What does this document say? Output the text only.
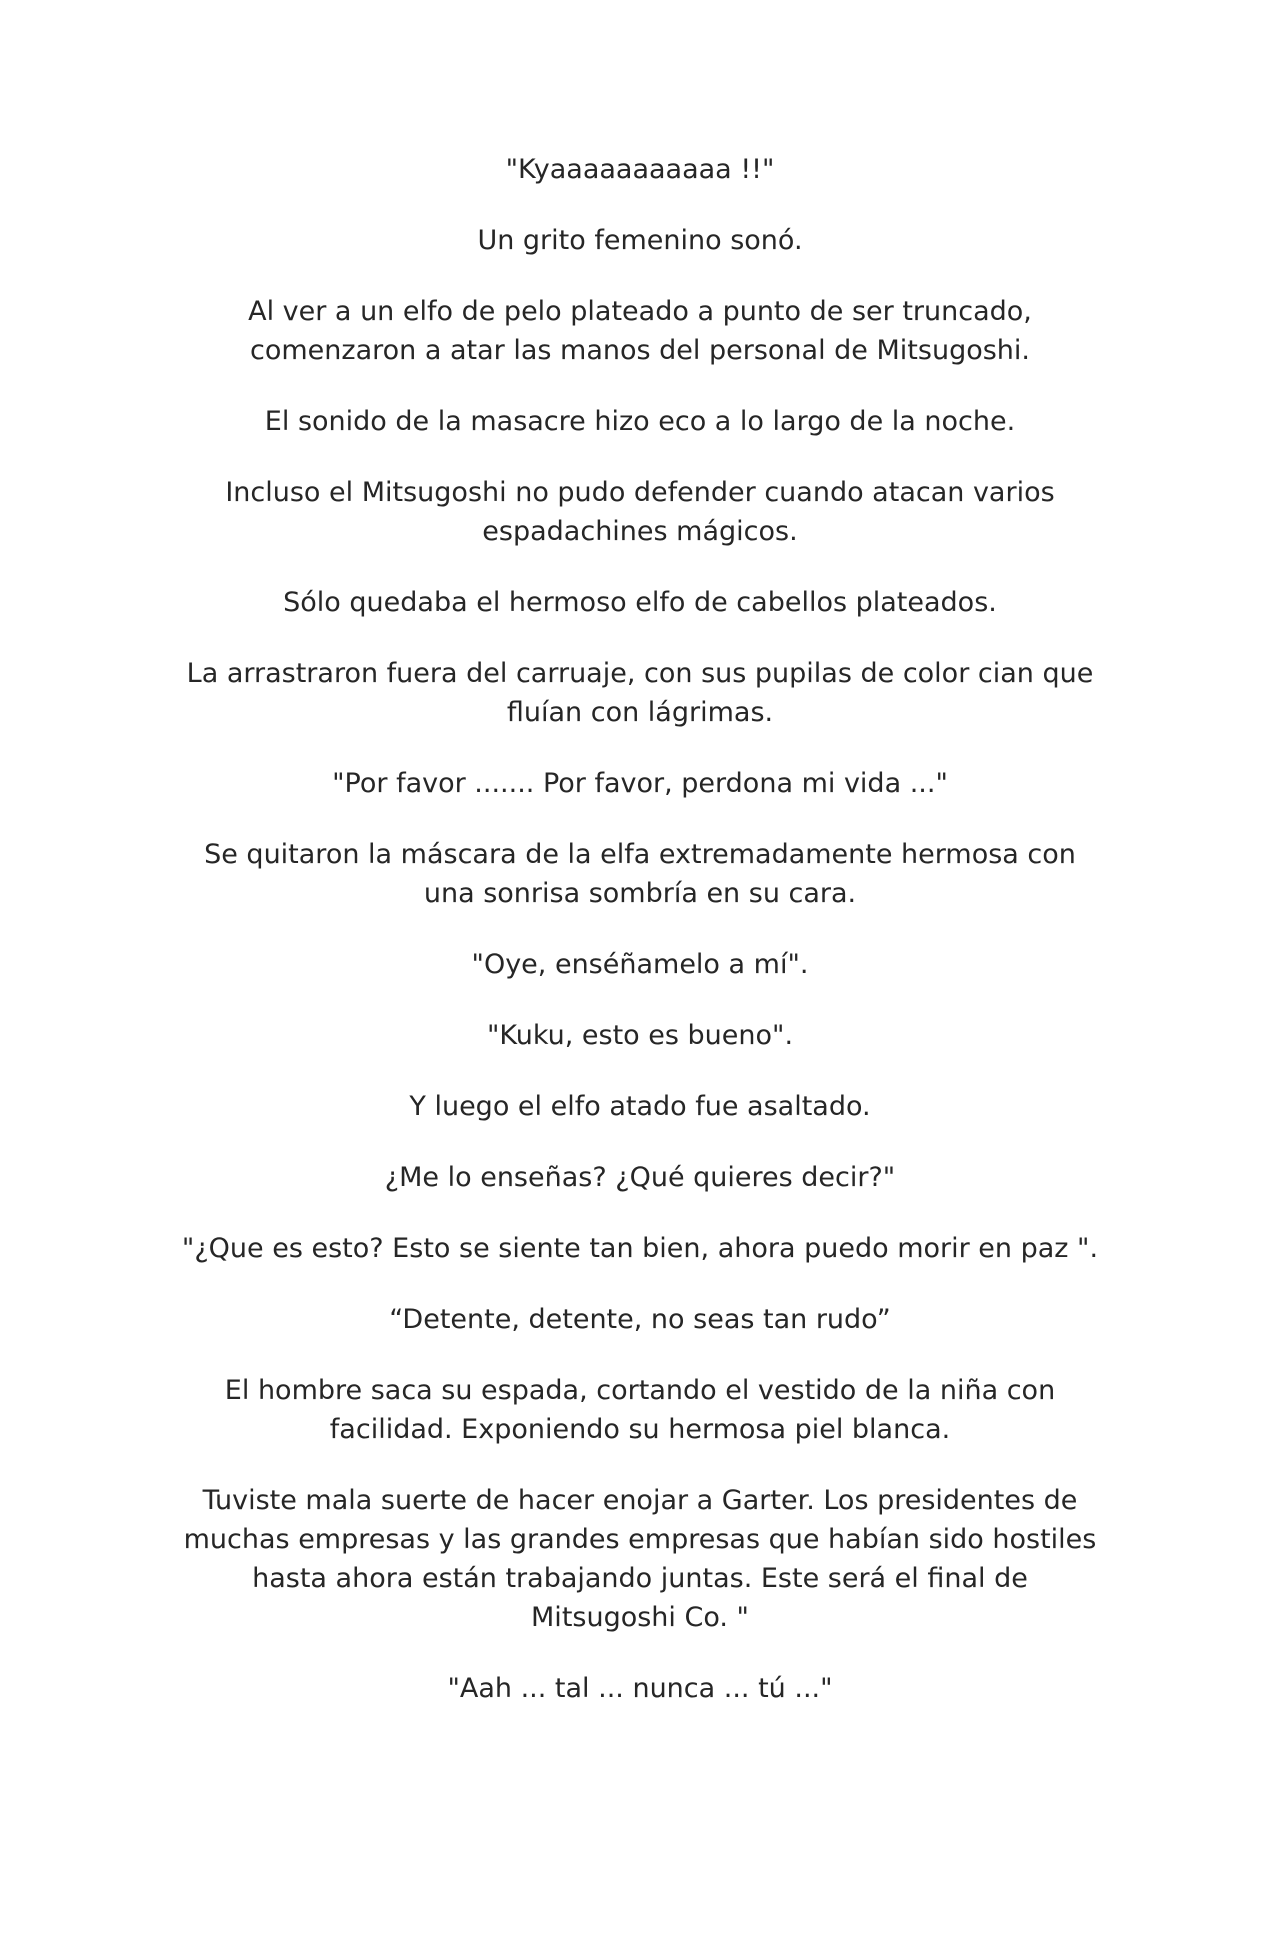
"Kyaaaaaaaaaaa !!"

Un grito femenino sonó.

Al ver a un elfo de pelo plateado a punto de ser truncado, comenzaron a atar las manos del personal de Mitsugoshi.

El sonido de la masacre hizo eco a lo largo de la noche.

Incluso el Mitsugoshi no pudo defender cuando atacan varios espadachines mágicos.

Sólo quedaba el hermoso elfo de cabellos plateados.

La arrastraron fuera del carruaje, con sus pupilas de color cian que fluían con lágrimas.

"Por favor ....... Por favor, perdona mi vida ..."

Se quitaron la máscara de la elfa extremadamente hermosa con una sonrisa sombría en su cara.

"Oye, enséñamelo a mí".

"Kuku, esto es bueno".

Y luego el elfo atado fue asaltado.

¿Me lo enseñas? ¿Qué quieres decir?"

"¿Que es esto? Esto se siente tan bien, ahora puedo morir en paz ".

“Detente, detente, no seas tan rudo”

El hombre saca su espada, cortando el vestido de la niña con facilidad. Exponiendo su hermosa piel blanca.

Tuviste mala suerte de hacer enojar a Garter. Los presidentes de muchas empresas y las grandes empresas que habían sido hostiles hasta ahora están trabajando juntas. Este será el final de Mitsugoshi Co. "

"Aah ... tal ... nunca ... tú ..."
